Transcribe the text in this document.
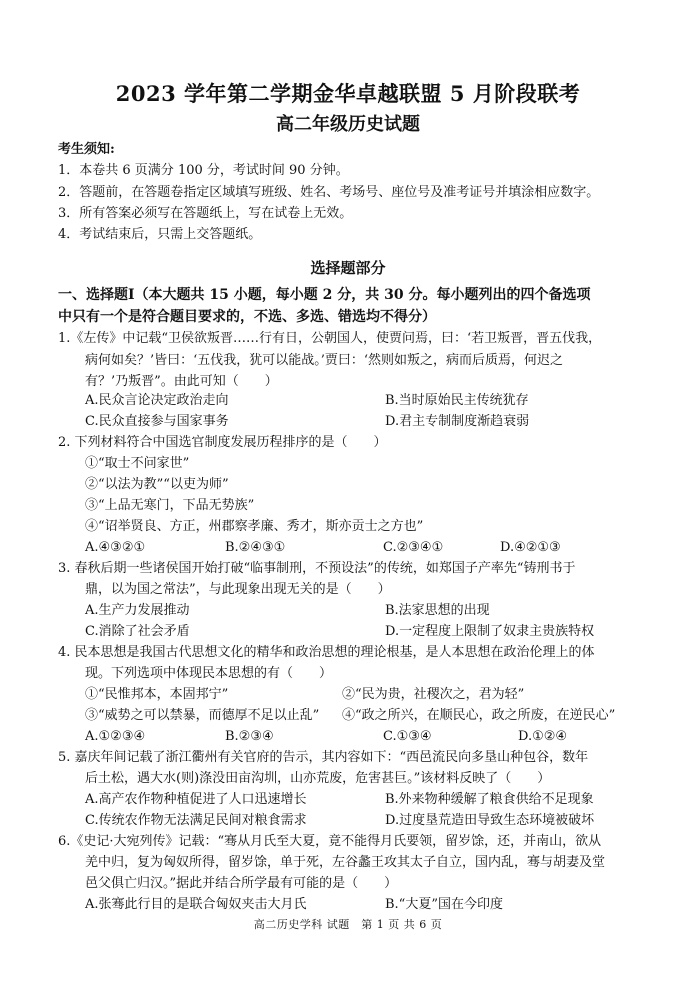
2023 学年第二学期金华卓越联盟 5 月阶段联考
高二年级历史试题
考生须知:
1．本卷共 6 页满分 100 分，考试时间 90 分钟。
2．答题前，在答题卷指定区域填写班级、姓名、考场号、座位号及准考证号并填涂相应数字。
3．所有答案必须写在答题纸上，写在试卷上无效。
4．考试结束后，只需上交答题纸。
选择题部分
一、选择题Ⅰ（本大题共 15 小题，每小题 2 分，共 30 分。每小题列出的四个备选项
中只有一个是符合题目要求的，不选、多选、错选均不得分）
1.《左传》中记载“卫侯欲叛晋……行有日，公朝国人，使贾问焉，曰：‘若卫叛晋，晋五伐我，
病何如矣？’皆曰：‘五伐我，犹可以能战。’贾曰：‘然则如叛之，病而后质焉，何迟之
有？’乃叛晋”。由此可知（　　）
A.民众言论决定政治走向	B.当时原始民主传统犹存
C.民众直接参与国家事务	D.君主专制制度渐趋衰弱
2. 下列材料符合中国选官制度发展历程排序的是（　　）
①“取士不问家世”
②“以法为教”“以吏为师”
③“上品无寒门，下品无势族”
④“诏举贤良、方正，州郡察孝廉、秀才，斯亦贡士之方也”
A.④③②①	B.②④③①	C.②③④①	D.④②①③
3. 春秋后期一些诸侯国开始打破“临事制刑，不预设法”的传统，如郑国子产率先“铸刑书于
鼎，以为国之常法”，与此现象出现无关的是（　　）
A.生产力发展推动	B.法家思想的出现
C.消除了社会矛盾	D.一定程度上限制了奴隶主贵族特权
4. 民本思想是我国古代思想文化的精华和政治思想的理论根基，是人本思想在政治伦理上的体
现。下列选项中体现民本思想的有（　　）
①“民惟邦本，本固邦宁”	②“民为贵，社稷次之，君为轻”
③“威势之可以禁暴，而德厚不足以止乱” ④“政之所兴，在顺民心，政之所废，在逆民心”
A.①②③④	B.②③④	C.①③④	D.①②④
5. 嘉庆年间记载了浙江衢州有关官府的告示，其内容如下：“西邑流民向多垦山种包谷，数年
后土松，遇大水(则)涤没田亩沟圳，山亦荒废，危害甚巨。”该材料反映了（　　）
A.高产农作物种植促进了人口迅速增长	B.外来物种缓解了粮食供给不足现象
C.传统农作物无法满足民间对粮食需求	D.过度垦荒造田导致生态环境被破坏
6.《史记·大宛列传》记载：“骞从月氏至大夏，竟不能得月氏要领，留岁馀，还，并南山，欲从
羌中归，复为匈奴所得，留岁馀，单于死，左谷蠡王攻其太子自立，国内乱，骞与胡妻及堂
邑父俱亡归汉。”据此并结合所学最有可能的是（　　）
A.张骞此行目的是联合匈奴夹击大月氏	B.“大夏”国在今印度
高二历史学科 试题　第 1 页 共 6 页
